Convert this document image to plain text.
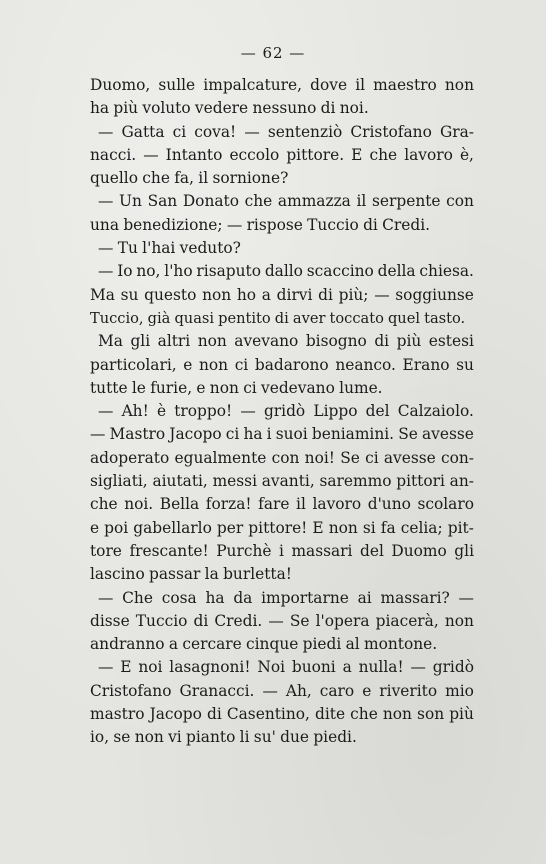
— 62 —
Duomo, sulle impalcature, dove il maestro non
ha più voluto vedere nessuno di noi.
— Gatta ci cova! — sentenziò Cristofano Gra-
nacci. — Intanto eccolo pittore. E che lavoro è,
quello che fa, il sornione?
— Un San Donato che ammazza il serpente con
una benedizione; — rispose Tuccio di Credi.
— Tu l'hai veduto?
— Io no, l'ho risaputo dallo scaccino della chiesa.
Ma su questo non ho a dirvi di più; — soggiunse
Tuccio, già quasi pentito di aver toccato quel tasto.
Ma gli altri non avevano bisogno di più estesi
particolari, e non ci badarono neanco. Erano su
tutte le furie, e non ci vedevano lume.
— Ah! è troppo! — gridò Lippo del Calzaiolo.
— Mastro Jacopo ci ha i suoi beniamini. Se avesse
adoperato egualmente con noi! Se ci avesse con-
sigliati, aiutati, messi avanti, saremmo pittori an-
che noi. Bella forza! fare il lavoro d'uno scolaro
e poi gabellarlo per pittore! E non si fa celia; pit-
tore frescante! Purchè i massari del Duomo gli
lascino passar la burletta!
— Che cosa ha da importarne ai massari? —
disse Tuccio di Credi. — Se l'opera piacerà, non
andranno a cercare cinque piedi al montone.
— E noi lasagnoni! Noi buoni a nulla! — gridò
Cristofano Granacci. — Ah, caro e riverito mio
mastro Jacopo di Casentino, dite che non son più
io, se non vi pianto li su' due piedi.
